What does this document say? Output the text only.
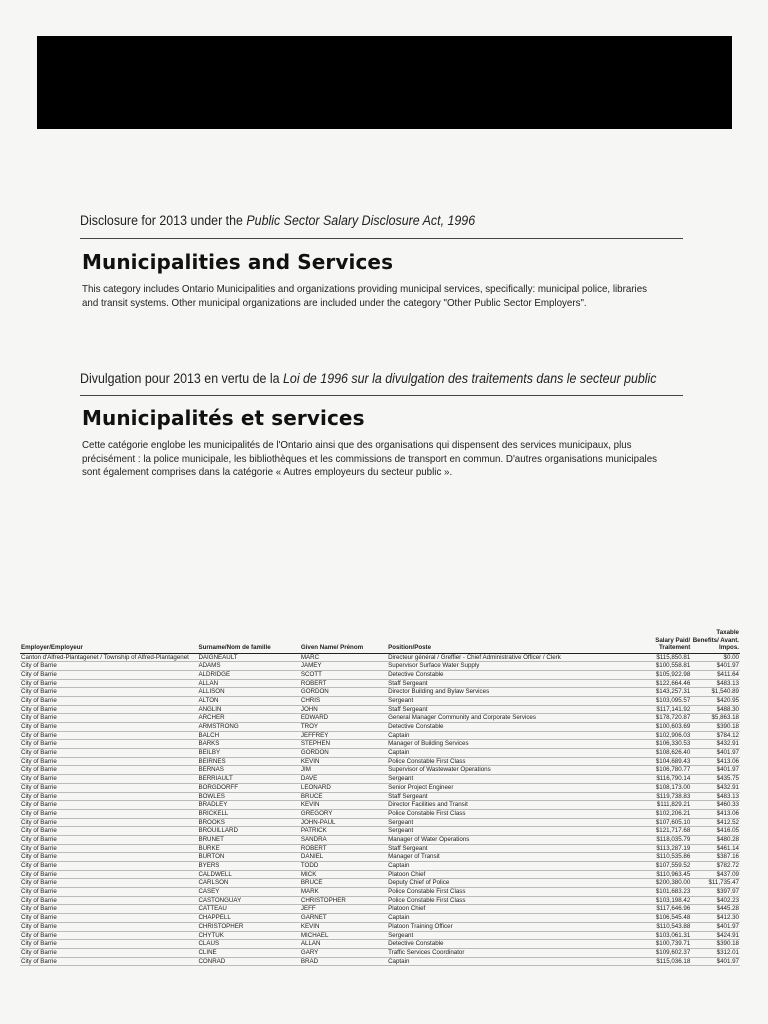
Disclosure for 2013 under the Public Sector Salary Disclosure Act, 1996
Municipalities and Services
This category includes Ontario Municipalities and organizations providing municipal services, specifically: municipal police, libraries and transit systems. Other municipal organizations are included under the category "Other Public Sector Employers".
Divulgation pour 2013 en vertu de la Loi de 1996 sur la divulgation des traitements dans le secteur public
Municipalités et services
Cette catégorie englobe les municipalités de l'Ontario ainsi que des organisations qui dispensent des services municipaux, plus précisément : la police municipale, les bibliothèques et les commissions de transport en commun. D'autres organisations municipales sont également comprises dans la catégorie « Autres employeurs du secteur public ».
Employer/Employeur	Surname/Nom de famille	Given Name/ Prénom	Position/Poste	Salary Paid/ Traitement	Taxable Benefits/ Avant. Impos.
Canton d'Alfred-Plantagenet / Township of Alfred-Plantagenet	DAIGNEAULT	MARC	Directeur général / Greffier - Chief Administrative Officer / Clerk	$115,850.81	$0.00
City of Barrie	ADAMS	JAMEY	Supervisor Surface Water Supply	$100,558.81	$401.97
City of Barrie	ALDRIDGE	SCOTT	Detective Constable	$105,922.98	$411.64
City of Barrie	ALLAN	ROBERT	Staff Sergeant	$122,664.46	$483.13
City of Barrie	ALLISON	GORDON	Director Building and Bylaw Services	$143,257.31	$1,540.89
City of Barrie	ALTON	CHRIS	Sergeant	$103,095.57	$420.95
City of Barrie	ANGLIN	JOHN	Staff Sergeant	$117,141.92	$488.30
City of Barrie	ARCHER	EDWARD	General Manager Community and Corporate Services	$178,720.87	$5,863.18
City of Barrie	ARMSTRONG	TROY	Detective Constable	$100,603.69	$390.18
City of Barrie	BALCH	JEFFREY	Captain	$102,906.03	$784.12
City of Barrie	BARKS	STEPHEN	Manager of Building Services	$106,330.53	$432.91
City of Barrie	BEILBY	GORDON	Captain	$108,626.40	$401.97
City of Barrie	BEIRNES	KEVIN	Police Constable First Class	$104,689.43	$413.06
City of Barrie	BERNAS	JIM	Supervisor of Wastewater Operations	$106,780.77	$401.97
City of Barrie	BERRIAULT	DAVE	Sergeant	$116,790.14	$435.75
City of Barrie	BORGDORFF	LEONARD	Senior Project Engineer	$108,173.00	$432.91
City of Barrie	BOWLES	BRUCE	Staff Sergeant	$119,738.83	$483.13
City of Barrie	BRADLEY	KEVIN	Director Facilities and Transit	$111,829.21	$460.33
City of Barrie	BRICKELL	GREGORY	Police Constable First Class	$102,206.21	$413.06
City of Barrie	BROOKS	JOHN-PAUL	Sergeant	$107,605.10	$412.52
City of Barrie	BROUILLARD	PATRICK	Sergeant	$121,717.68	$416.05
City of Barrie	BRUNET	SANDRA	Manager of Water Operations	$118,035.79	$480.28
City of Barrie	BURKE	ROBERT	Staff Sergeant	$113,287.19	$461.14
City of Barrie	BURTON	DANIEL	Manager of Transit	$110,535.86	$387.16
City of Barrie	BYERS	TODD	Captain	$107,559.52	$782.72
City of Barrie	CALDWELL	MICK	Platoon Chief	$110,963.45	$437.09
City of Barrie	CARLSON	BRUCE	Deputy Chief of Police	$200,380.00	$11,735.47
City of Barrie	CASEY	MARK	Police Constable First Class	$101,683.23	$397.97
City of Barrie	CASTONGUAY	CHRISTOPHER	Police Constable First Class	$103,198.42	$402.23
City of Barrie	CATTEAU	JEFF	Platoon Chief	$117,646.96	$445.28
City of Barrie	CHAPPELL	GARNET	Captain	$106,545.48	$412.30
City of Barrie	CHRISTOPHER	KEVIN	Platoon Training Officer	$110,543.88	$401.97
City of Barrie	CHYTUK	MICHAEL	Sergeant	$103,061.31	$424.91
City of Barrie	CLAUS	ALLAN	Detective Constable	$100,739.71	$390.18
City of Barrie	CLINE	GARY	Traffic Services Coordinator	$109,602.37	$312.01
City of Barrie	CONRAD	BRAD	Captain	$115,036.18	$401.97
